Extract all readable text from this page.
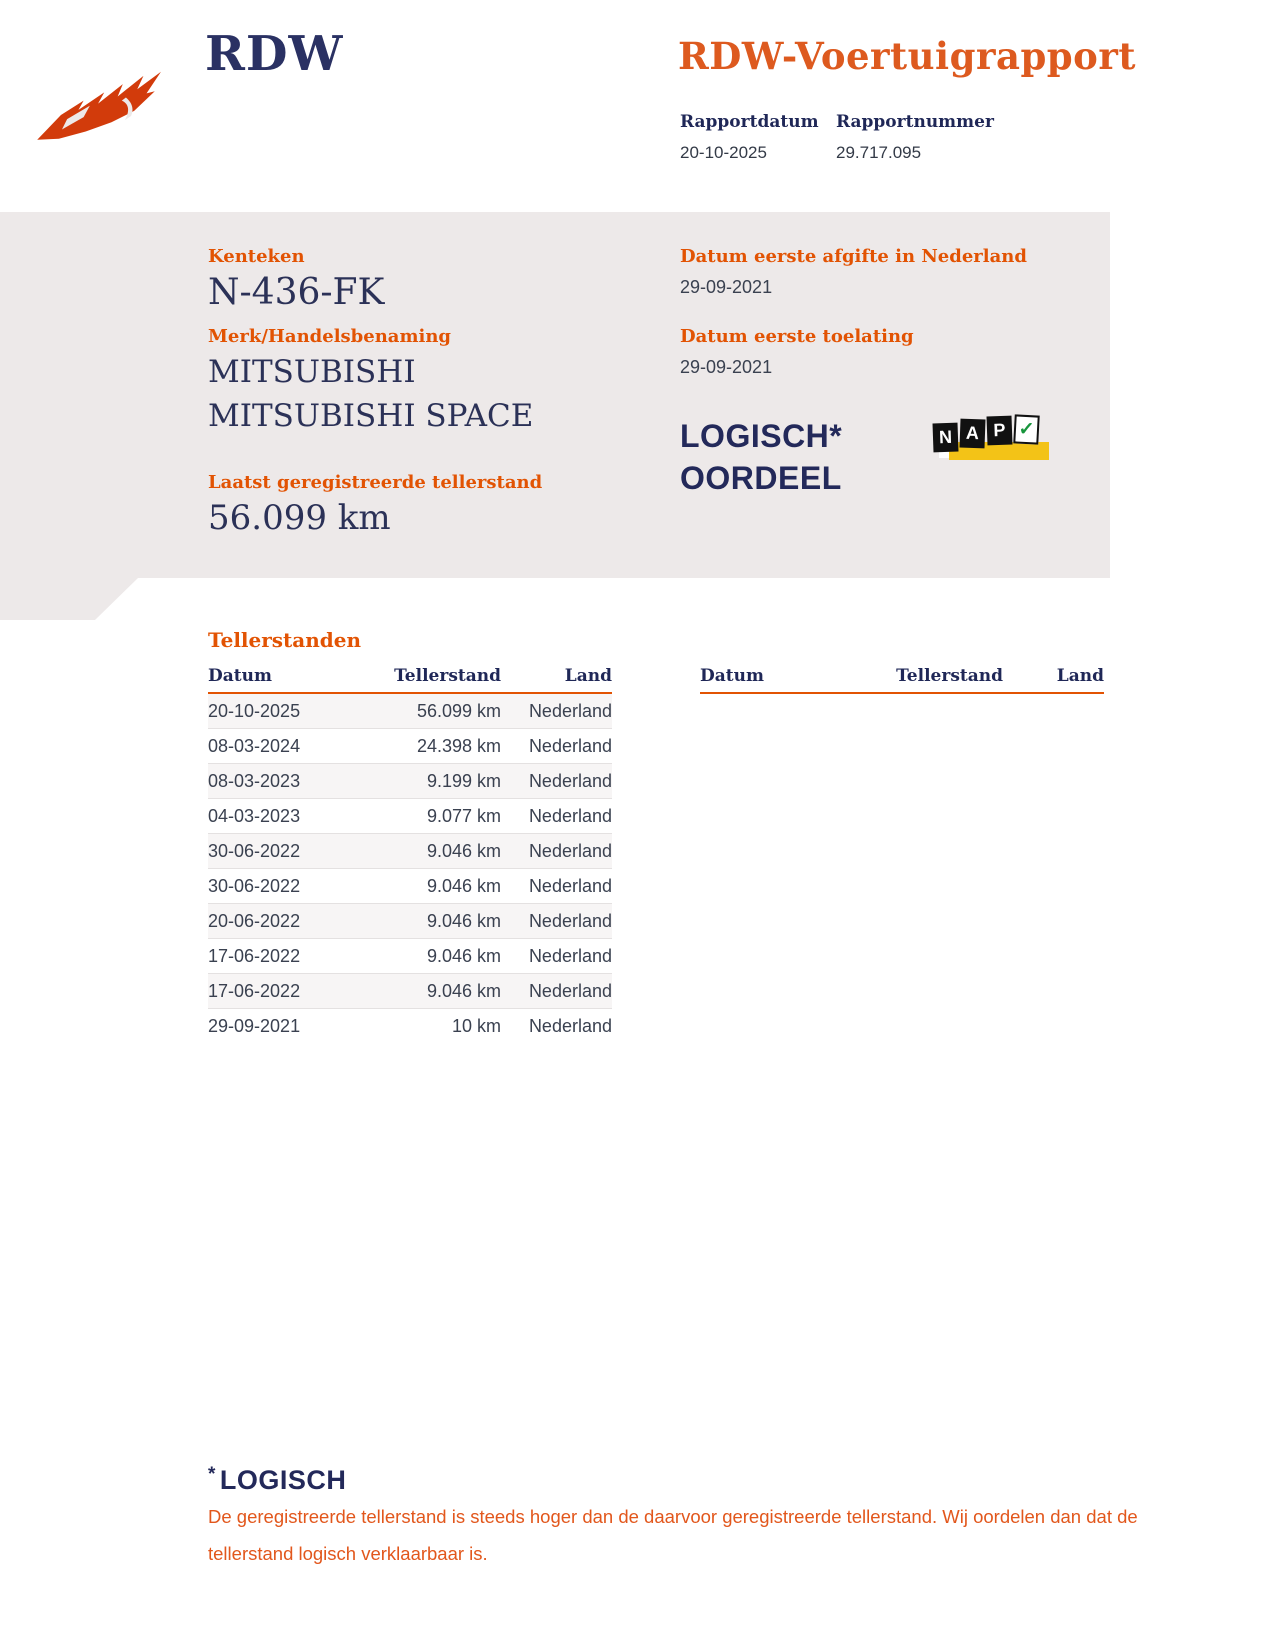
RDW	RDW-Voertuigrapport
Rapportdatum Rapportnummer
20-10-2025	29.717.095
Kenteken
N-436-FK
Merk/Handelsbenaming
MITSUBISHI
MITSUBISHI SPACE
Laatst geregistreerde tellerstand
56.099 km
Datum eerste afgifte in Nederland
29-09-2021
Datum eerste toelating
29-09-2021
LOGISCH*
OORDEEL
N A P ✓
Tellerstanden
Datum	Tellerstand	Land
20-10-2025	56.099 km	Nederland
08-03-2024	24.398 km	Nederland
08-03-2023	9.199 km	Nederland
04-03-2023	9.077 km	Nederland
30-06-2022	9.046 km	Nederland
30-06-2022	9.046 km	Nederland
20-06-2022	9.046 km	Nederland
17-06-2022	9.046 km	Nederland
17-06-2022	9.046 km	Nederland
29-09-2021	10 km	Nederland
Datum	Tellerstand	Land
* LOGISCH
De geregistreerde tellerstand is steeds hoger dan de daarvoor geregistreerde tellerstand. Wij oordelen dan dat de tellerstand logisch verklaarbaar is.
